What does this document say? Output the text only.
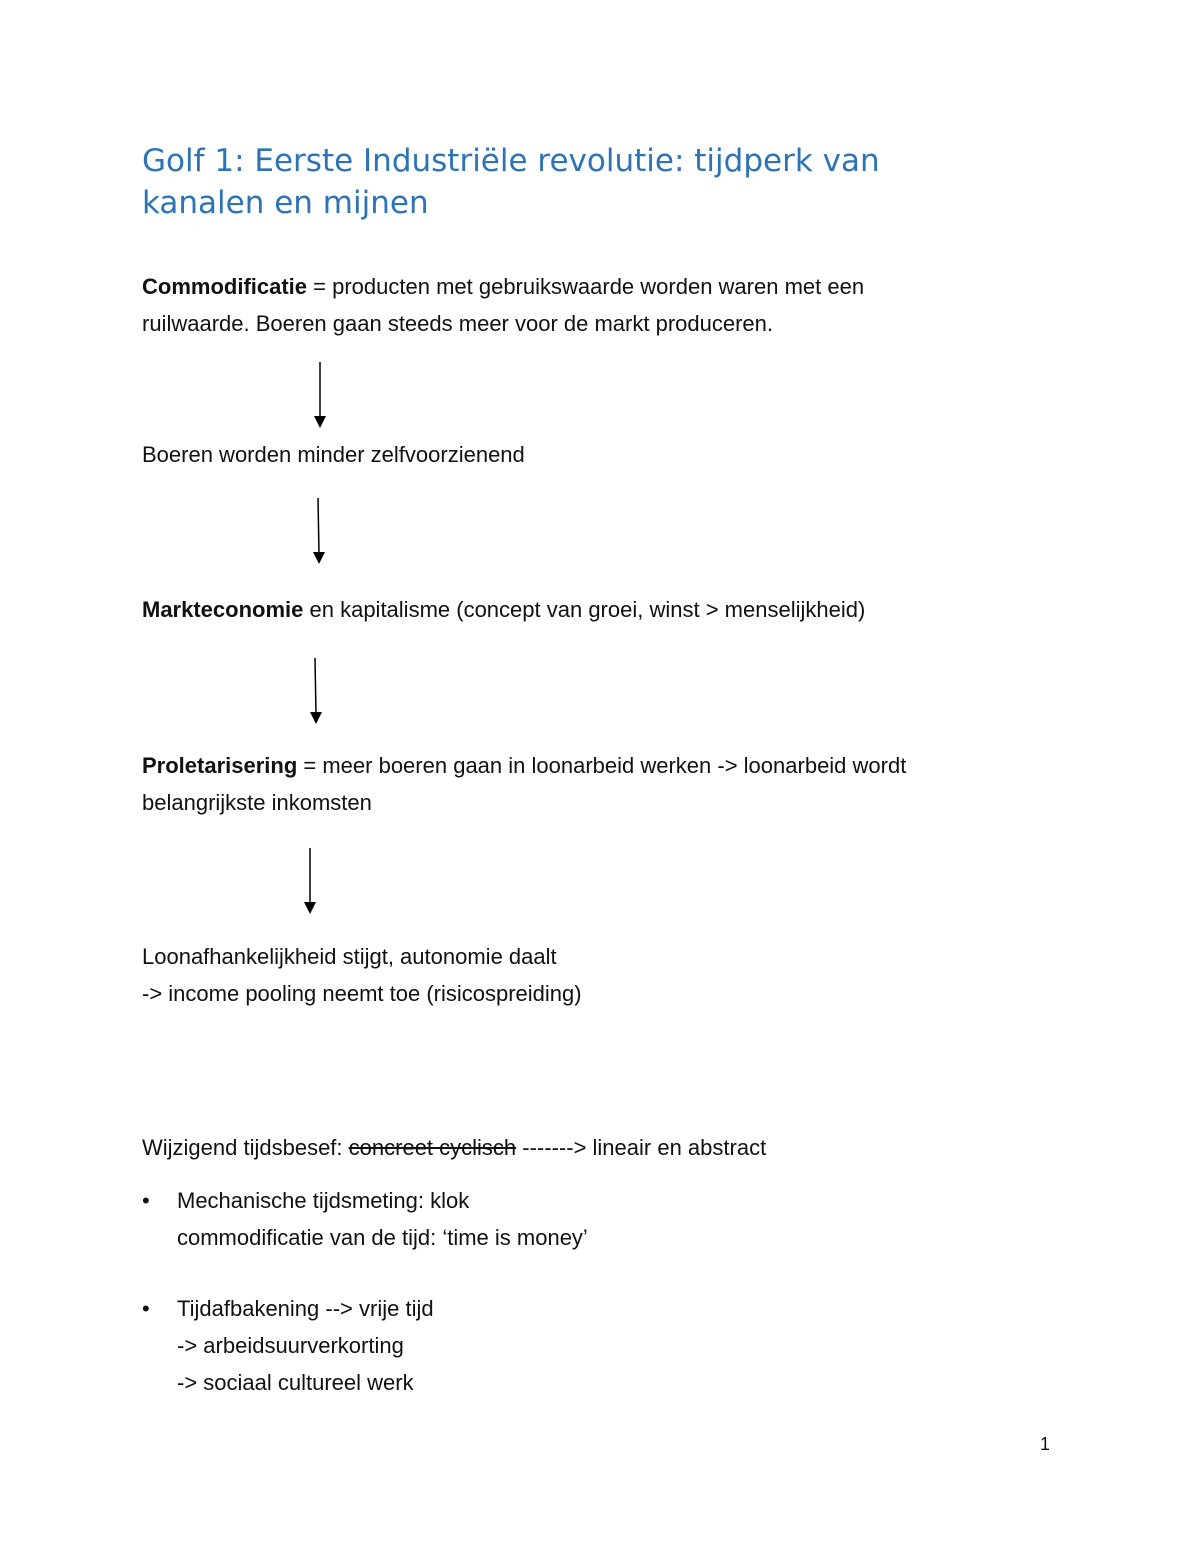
Golf 1: Eerste Industriële revolutie: tijdperk van
kanalen en mijnen

Commodificatie = producten met gebruikswaarde worden waren met een
ruilwaarde. Boeren gaan steeds meer voor de markt produceren.

Boeren worden minder zelfvoorzienend

Markteconomie en kapitalisme (concept van groei, winst > menselijkheid)

Proletarisering = meer boeren gaan in loonarbeid werken -> loonarbeid wordt
belangrijkste inkomsten

Loonafhankelijkheid stijgt, autonomie daalt
-> income pooling neemt toe (risicospreiding)

Wijzigend tijdsbesef: concreet cyclisch -------> lineair en abstract

•	Mechanische tijdsmeting: klok
commodificatie van de tijd: ‘time is money’
•	Tijdafbakening --> vrije tijd
-> arbeidsuurverkorting
-> sociaal cultureel werk
1
